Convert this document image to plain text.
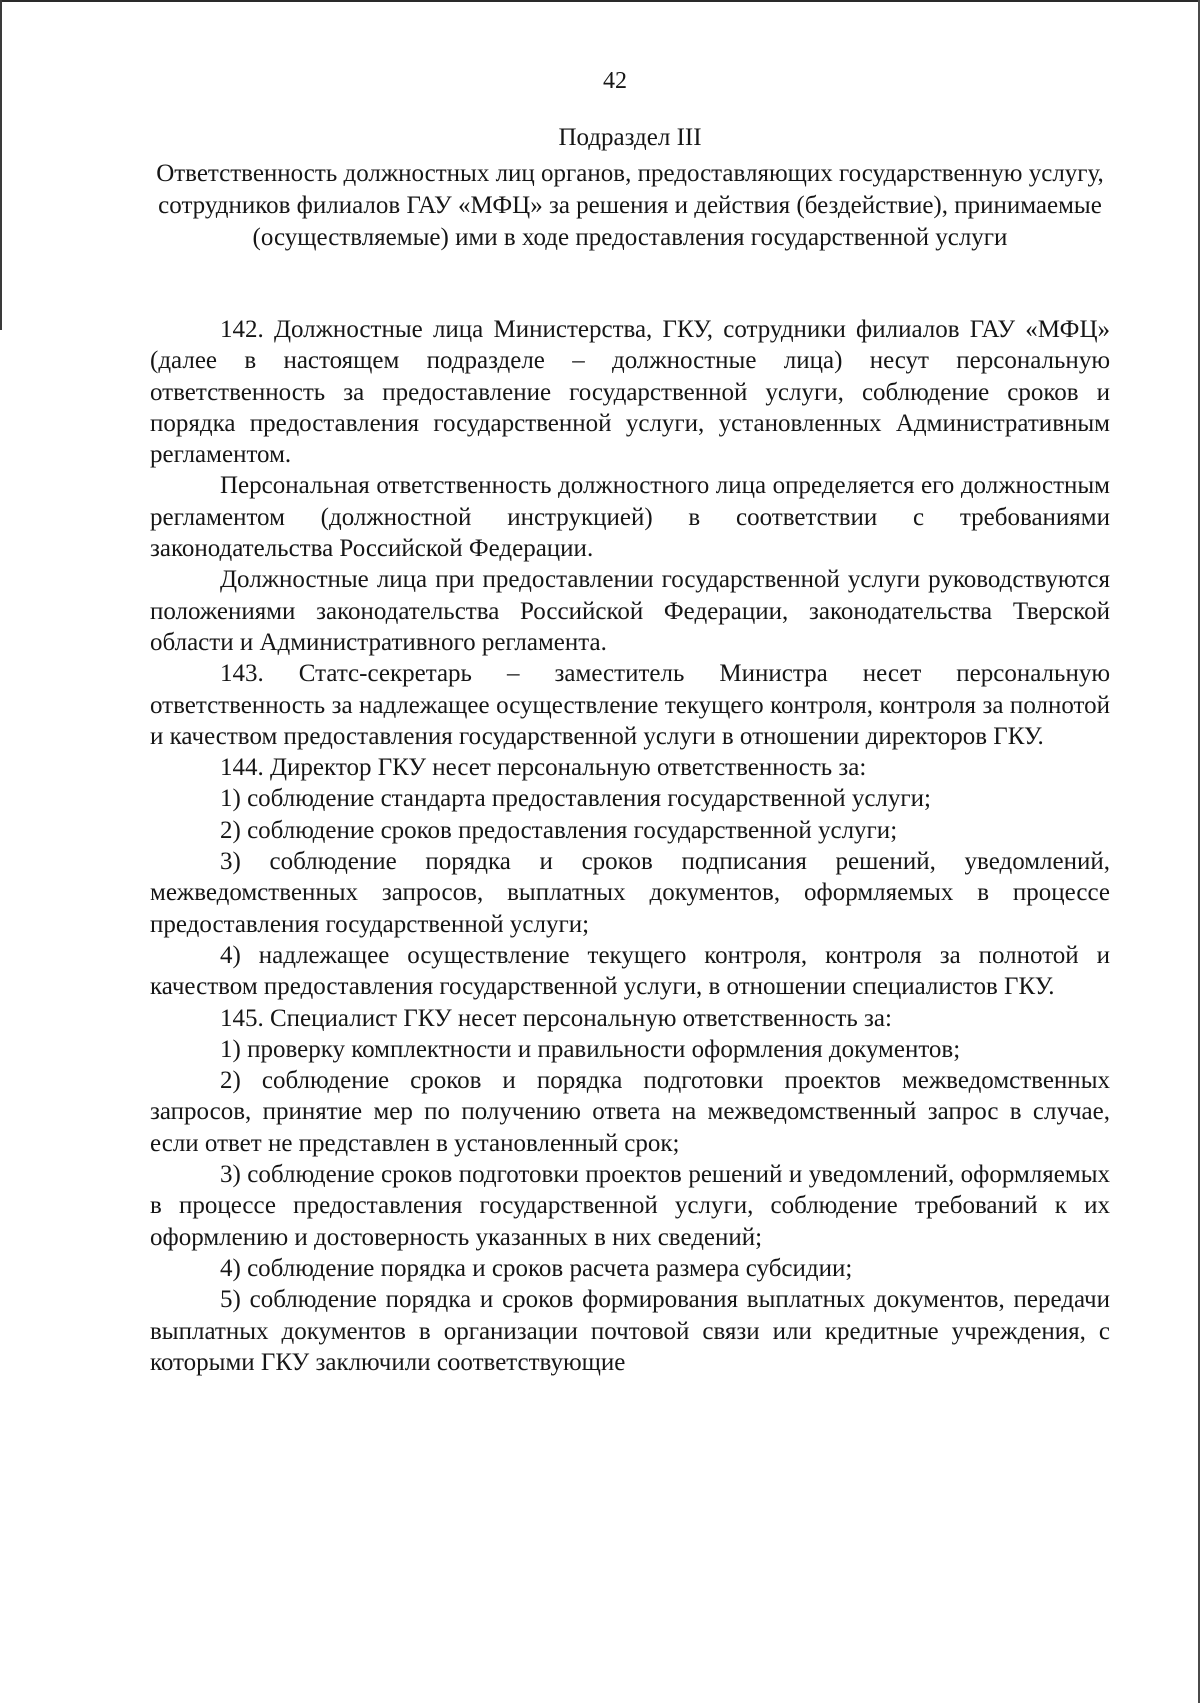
42
Подраздел III
Ответственность должностных лиц органов, предоставляющих государственную услугу, сотрудников филиалов ГАУ «МФЦ» за решения и действия (бездействие), принимаемые (осуществляемые) ими в ходе предоставления государственной услуги

142. Должностные лица Министерства, ГКУ, сотрудники филиалов ГАУ «МФЦ» (далее в настоящем подразделе – должностные лица) несут персональную ответственность за предоставление государственной услуги, соблюдение сроков и порядка предоставления государственной услуги, установленных Административным регламентом.

Персональная ответственность должностного лица определяется его должностным регламентом (должностной инструкцией) в соответствии с требованиями законодательства Российской Федерации.

Должностные лица при предоставлении государственной услуги руководствуются положениями законодательства Российской Федерации, законодательства Тверской области и Административного регламента.

143. Статс-секретарь – заместитель Министра несет персональную ответственность за надлежащее осуществление текущего контроля, контроля за полнотой и качеством предоставления государственной услуги в отношении директоров ГКУ.

144. Директор ГКУ несет персональную ответственность за:

1) соблюдение стандарта предоставления государственной услуги;

2) соблюдение сроков предоставления государственной услуги;

3) соблюдение порядка и сроков подписания решений, уведомлений, межведомственных запросов, выплатных документов, оформляемых в процессе предоставления государственной услуги;

4) надлежащее осуществление текущего контроля, контроля за полнотой и качеством предоставления государственной услуги, в отношении специалистов ГКУ.

145. Специалист ГКУ несет персональную ответственность за:

1) проверку комплектности и правильности оформления документов;

2) соблюдение сроков и порядка подготовки проектов межведомственных запросов, принятие мер по получению ответа на межведомственный запрос в случае, если ответ не представлен в установленный срок;

3) соблюдение сроков подготовки проектов решений и уведомлений, оформляемых в процессе предоставления государственной услуги, соблюдение требований к их оформлению и достоверность указанных в них сведений;

4) соблюдение порядка и сроков расчета размера субсидии;

5) соблюдение порядка и сроков формирования выплатных документов, передачи выплатных документов в организации почтовой связи или кредитные учреждения, с которыми ГКУ заключили соответствующие
